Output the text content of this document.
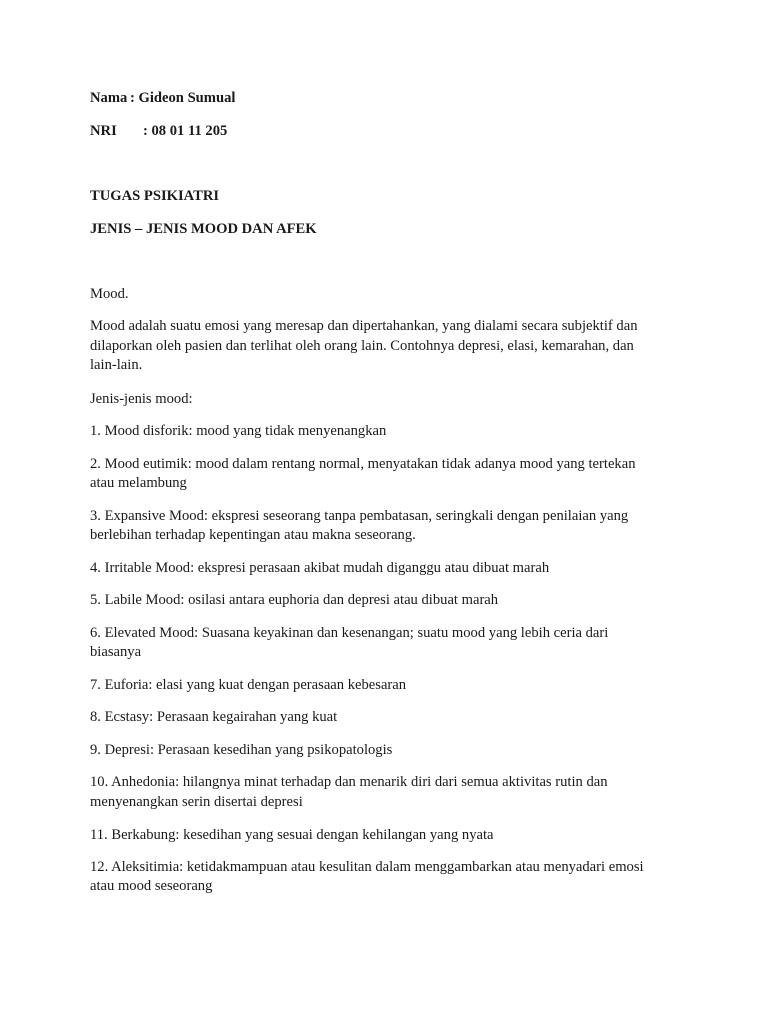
Nama : Gideon Sumual

NRI : 08 01 11 205

TUGAS PSIKIATRI

JENIS – JENIS MOOD DAN AFEK

Mood.

Mood adalah suatu emosi yang meresap dan dipertahankan, yang dialami secara subjektif dan

dilaporkan oleh pasien dan terlihat oleh orang lain. Contohnya depresi, elasi, kemarahan, dan

lain-lain.

Jenis-jenis mood:

1. Mood disforik: mood yang tidak menyenangkan

2. Mood eutimik: mood dalam rentang normal, menyatakan tidak adanya mood yang tertekan

atau melambung

3. Expansive Mood: ekspresi seseorang tanpa pembatasan, seringkali dengan penilaian yang

berlebihan terhadap kepentingan atau makna seseorang.

4. Irritable Mood: ekspresi perasaan akibat mudah diganggu atau dibuat marah

5. Labile Mood: osilasi antara euphoria dan depresi atau dibuat marah

6. Elevated Mood: Suasana keyakinan dan kesenangan; suatu mood yang lebih ceria dari

biasanya

7. Euforia: elasi yang kuat dengan perasaan kebesaran

8. Ecstasy: Perasaan kegairahan yang kuat

9. Depresi: Perasaan kesedihan yang psikopatologis

10. Anhedonia: hilangnya minat terhadap dan menarik diri dari semua aktivitas rutin dan

menyenangkan serin disertai depresi

11. Berkabung: kesedihan yang sesuai dengan kehilangan yang nyata

12. Aleksitimia: ketidakmampuan atau kesulitan dalam menggambarkan atau menyadari emosi

atau mood seseorang
